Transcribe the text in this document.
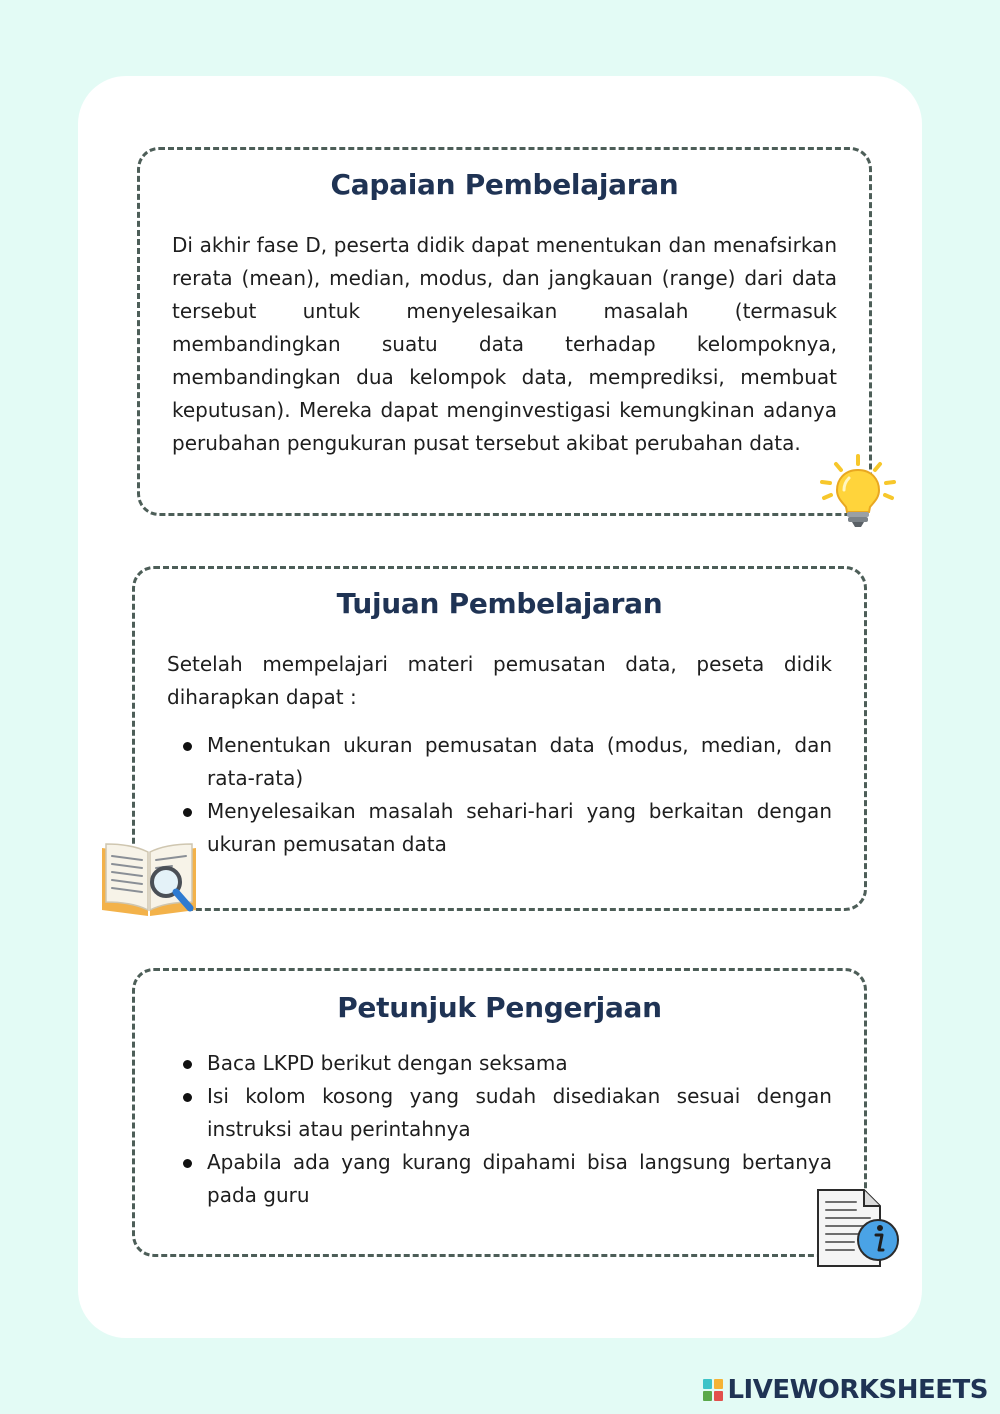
Capaian Pembelajaran

Di akhir fase D, peserta didik dapat menentukan dan menafsirkan rerata (mean), median, modus, dan jangkauan (range) dari data tersebut untuk menyelesaikan masalah (termasuk membandingkan suatu data terhadap kelompoknya, membandingkan dua kelompok data, memprediksi, membuat keputusan). Mereka dapat menginvestigasi kemungkinan adanya perubahan pengukuran pusat tersebut akibat perubahan data.

Tujuan Pembelajaran

Setelah mempelajari materi pemusatan data, peseta didik diharapkan dapat :

Menentukan ukuran pemusatan data (modus, median, dan rata-rata)
Menyelesaikan masalah sehari-hari yang berkaitan dengan ukuran pemusatan data
Petunjuk Pengerjaan
Baca LKPD berikut dengan seksama
Isi kolom kosong yang sudah disediakan sesuai dengan instruksi atau perintahnya
Apabila ada yang kurang dipahami bisa langsung bertanya pada guru
LIVEWORKSHEETS
